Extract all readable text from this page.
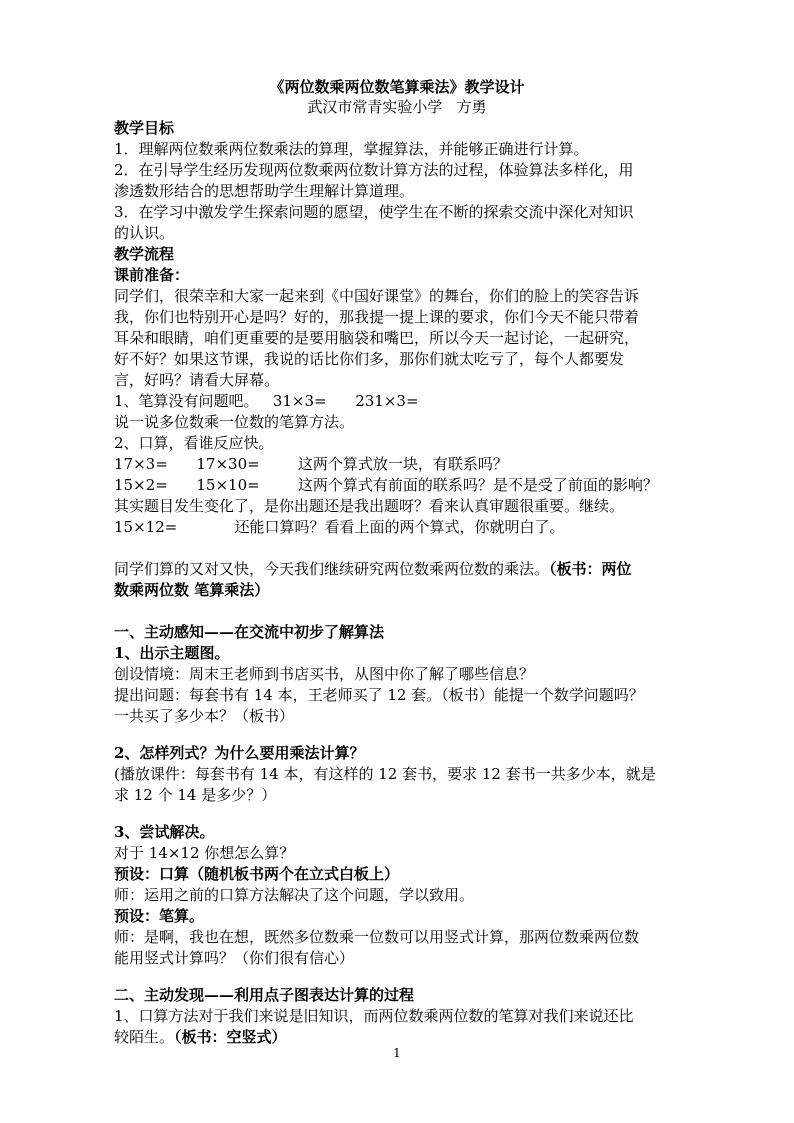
《两位数乘两位数笔算乘法》教学设计
武汉市常青实验小学   方勇
教学目标
1．理解两位数乘两位数乘法的算理，掌握算法，并能够正确进行计算。
2．在引导学生经历发现两位数乘两位数计算方法的过程，体验算法多样化，用
渗透数形结合的思想帮助学生理解计算道理。
3．在学习中激发学生探索问题的愿望，使学生在不断的探索交流中深化对知识
的认识。
教学流程
课前准备：
同学们，很荣幸和大家一起来到《中国好课堂》的舞台，你们的脸上的笑容告诉
我，你们也特别开心是吗？好的，那我提一提上课的要求，你们今天不能只带着
耳朵和眼睛，咱们更重要的是要用脑袋和嘴巴，所以今天一起讨论，一起研究，
好不好？如果这节课，我说的话比你们多，那你们就太吃亏了，每个人都要发
言，好吗？请看大屏幕。
1、笔算没有问题吧。   31×3=      231×3=
说一说多位数乘一位数的笔算方法。
2、口算，看谁反应快。
17×3=      17×30=        这两个算式放一块，有联系吗？
15×2=      15×10=        这两个算式有前面的联系吗？是不是受了前面的影响？
其实题目发生变化了，是你出题还是我出题呀？看来认真审题很重要。继续。
15×12=            还能口算吗？看看上面的两个算式，你就明白了。
同学们算的又对又快，今天我们继续研究两位数乘两位数的乘法。（板书：两位
数乘两位数 笔算乘法）
一、主动感知——在交流中初步了解算法
1、出示主题图。
创设情境：周末王老师到书店买书，从图中你了解了哪些信息？
提出问题：每套书有 14 本，王老师买了 12 套。（板书）能提一个数学问题吗？
一共买了多少本？（板书）
2、怎样列式？为什么要用乘法计算？
(播放课件：每套书有 14 本，有这样的 12 套书，要求 12 套书一共多少本，就是
求 12 个 14 是多少？）
3、尝试解决。
对于 14×12 你想怎么算？
预设：口算（随机板书两个在立式白板上）
师：运用之前的口算方法解决了这个问题，学以致用。
预设：笔算。
师：是啊，我也在想，既然多位数乘一位数可以用竖式计算，那两位数乘两位数
能用竖式计算吗？（你们很有信心）
二、主动发现——利用点子图表达计算的过程
1、口算方法对于我们来说是旧知识，而两位数乘两位数的笔算对我们来说还比
较陌生。（板书：空竖式）
1
